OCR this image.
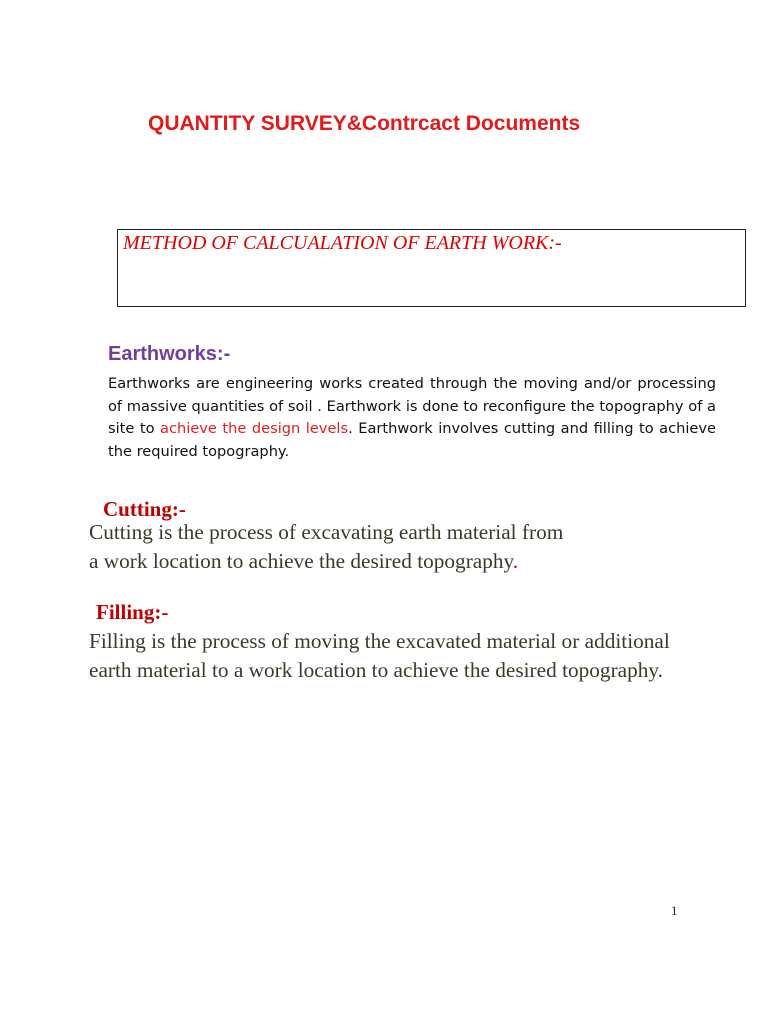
QUANTITY SURVEY&Contrcact Documents

METHOD OF CALCUALATION OF EARTH WORK:-

Earthworks:-

Earthworks are engineering works created through the moving and/or processing of massive quantities of soil . Earthwork is done to reconfigure the topography of a site to achieve the design levels. Earthwork involves cutting and filling to achieve the required topography.

Cutting:-

Cutting is the process of excavating earth material from
a work location to achieve the desired topography.

Filling:-

Filling is the process of moving the excavated material or additional earth material to a work location to achieve the desired topography.

1
